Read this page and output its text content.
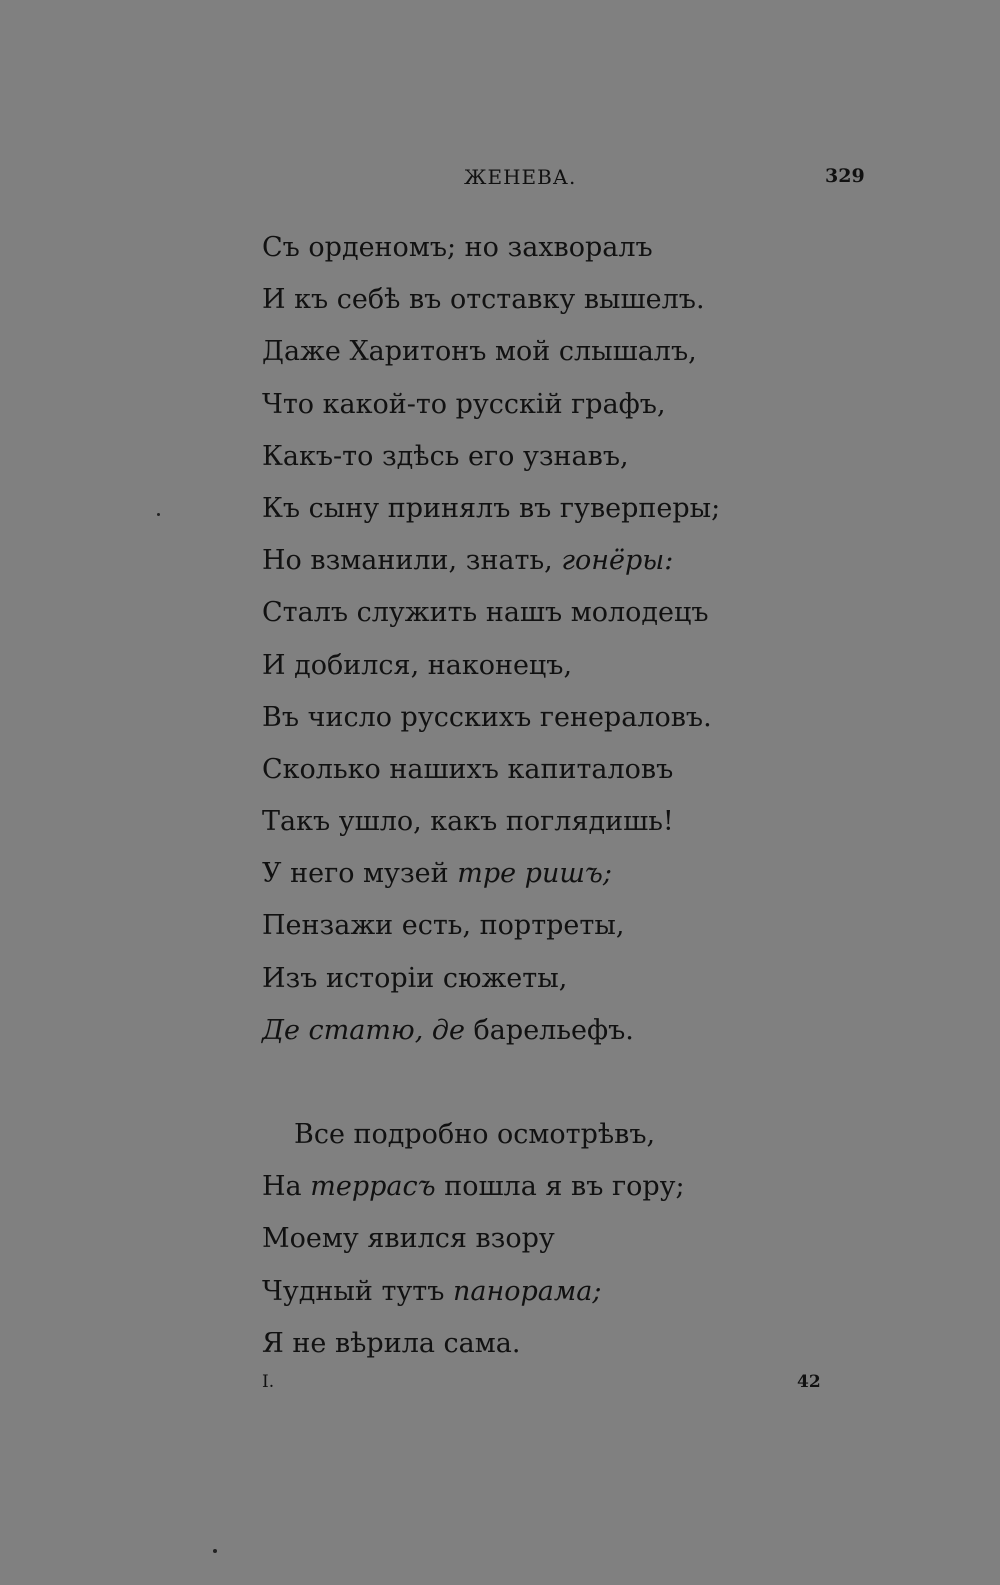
ЖЕНЕВА.	329
Съ орденомъ; но захворалъ
И къ себѣ въ отставку вышелъ.
Даже Харитонъ мой слышалъ,
Что какой-то русскій графъ,
Какъ-то здѣсь его узнавъ,
Къ сыну принялъ въ гуверперы;
Но взманили, знать, гонёры:
Сталъ служить нашъ молодецъ
И добился, наконецъ,
Въ число русскихъ генераловъ.
Сколько нашихъ капиталовъ
Такъ ушло, какъ поглядишь!
У него музей тре ришъ;
Пензажи есть, портреты,
Изъ исторіи сюжеты,
Де статю, де барельефъ.
Все подробно осмотрѣвъ,
На террасъ пошла я въ гору;
Моему явился взору
Чудный тутъ панорама;
Я не вѣрила сама.
I.	42
